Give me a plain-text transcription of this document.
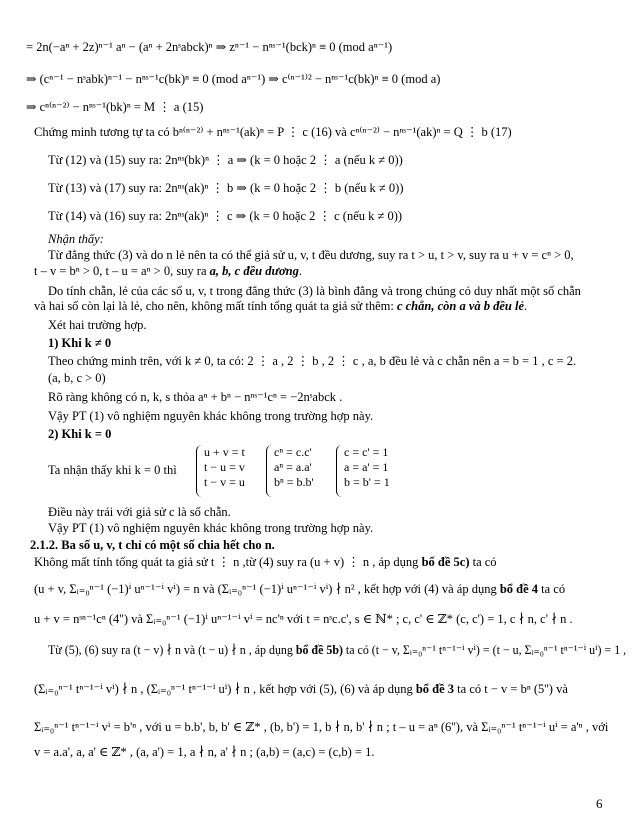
= 2n(−aⁿ + 2z)ⁿ⁻¹ aⁿ − (aⁿ + 2nˢabck)ⁿ ⇒ zⁿ⁻¹ − nⁿˢ⁻¹(bck)ⁿ ≡ 0 (mod aⁿ⁻¹)
⇒ (cⁿ⁻¹ − nˢabk)ⁿ⁻¹ − nⁿˢ⁻¹c(bk)ⁿ ≡ 0 (mod aⁿ⁻¹) ⇒ c⁽ⁿ⁻¹⁾² − nⁿˢ⁻¹c(bk)ⁿ ≡ 0 (mod a)
⇒ cⁿ⁽ⁿ⁻²⁾ − nⁿˢ⁻¹(bk)ⁿ = M ⋮ a (15)
Chứng minh tương tự ta có bⁿ⁽ⁿ⁻²⁾ + nⁿˢ⁻¹(ak)ⁿ = P ⋮ c (16) và cⁿ⁽ⁿ⁻²⁾ − nⁿˢ⁻¹(ak)ⁿ = Q ⋮ b (17)
Từ (12) và (15) suy ra: 2nⁿˢ(bk)ⁿ ⋮ a ⇒ (k = 0 hoặc 2 ⋮ a (nếu k ≠ 0))
Từ (13) và (17) suy ra: 2nⁿˢ(ak)ⁿ ⋮ b ⇒ (k = 0 hoặc 2 ⋮ b (nếu k ≠ 0))
Từ (14) và (16) suy ra: 2nⁿˢ(ak)ⁿ ⋮ c ⇒ (k = 0 hoặc 2 ⋮ c (nếu k ≠ 0))
Nhận thấy:
Từ đẳng thức (3) và do n lẻ nên ta có thể giả sử u, v, t đều dương, suy ra t > u, t > v, suy ra u + v = cⁿ > 0,
t – v = bⁿ > 0, t – u = aⁿ > 0, suy ra a, b, c đều dương.
Do tính chẵn, lẻ của các số u, v, t trong đẳng thức (3) là bình đẳng và trong chúng có duy nhất một số chẵn
và hai số còn lại là lẻ, cho nên, không mất tính tổng quát ta giả sử thêm: c chẵn, còn a và b đều lẻ.
Xét hai trường hợp.
1) Khi k ≠ 0
Theo chứng minh trên, với k ≠ 0, ta có: 2 ⋮ a , 2 ⋮ b , 2 ⋮ c , a, b đều lẻ và c chẵn nên a = b = 1 , c = 2.
(a, b, c > 0)
Rõ ràng không có n, k, s thỏa aⁿ + bⁿ − nⁿˢ⁻¹cⁿ = −2nˢabck .
Vậy PT (1) vô nghiệm nguyên khác không trong trường hợp này.
2) Khi k = 0
Ta nhận thấy khi k = 0 thì
u + v = t
t − u = v
t − v = u
cⁿ = c.c'
aⁿ = a.a'
bⁿ = b.b'
c = c' = 1
a = a' = 1
b = b' = 1
Điều này trái với giả sử c là số chẵn.
Vậy PT (1) vô nghiệm nguyên khác không trong trường hợp này.
2.1.2. Ba số u, v, t chỉ có một số chia hết cho n.
Không mất tính tổng quát ta giả sử t ⋮ n ,từ (4) suy ra (u + v) ⋮ n , áp dụng bổ đề 5c) ta có
(u + v, Σᵢ₌₀ⁿ⁻¹ (−1)ⁱ uⁿ⁻¹⁻ⁱ vⁱ) = n và (Σᵢ₌₀ⁿ⁻¹ (−1)ⁱ uⁿ⁻¹⁻ⁱ vⁱ) ∤ n² , kết hợp với (4) và áp dụng bổ đề 4 ta có
u + v = nˢⁿ⁻¹cⁿ (4'') và Σᵢ₌₀ⁿ⁻¹ (−1)ⁱ uⁿ⁻¹⁻ⁱ vⁱ = nc'ⁿ với t = nˢc.c', s ∈ ℕ* ; c, c' ∈ ℤ* (c, c') = 1, c ∤ n, c' ∤ n .
Từ (5), (6) suy ra (t − v) ∤ n và (t − u) ∤ n , áp dụng bổ đề 5b) ta có (t − v, Σᵢ₌₀ⁿ⁻¹ tⁿ⁻¹⁻ⁱ vⁱ) = (t − u, Σᵢ₌₀ⁿ⁻¹ tⁿ⁻¹⁻ⁱ uⁱ) = 1 ,
(Σᵢ₌₀ⁿ⁻¹ tⁿ⁻¹⁻ⁱ vⁱ) ∤ n , (Σᵢ₌₀ⁿ⁻¹ tⁿ⁻¹⁻ⁱ uⁱ) ∤ n , kết hợp với (5), (6) và áp dụng bổ đề 3 ta có t − v = bⁿ (5'') và
Σᵢ₌₀ⁿ⁻¹ tⁿ⁻¹⁻ⁱ vⁱ = b'ⁿ , với u = b.b', b, b' ∈ ℤ* , (b, b') = 1, b ∤ n, b' ∤ n ; t – u = aⁿ (6''), và Σᵢ₌₀ⁿ⁻¹ tⁿ⁻¹⁻ⁱ uⁱ = a'ⁿ , với
v = a.a', a, a' ∈ ℤ* , (a, a') = 1, a ∤ n, a' ∤ n ; (a,b) = (a,c) = (c,b) = 1.
6
